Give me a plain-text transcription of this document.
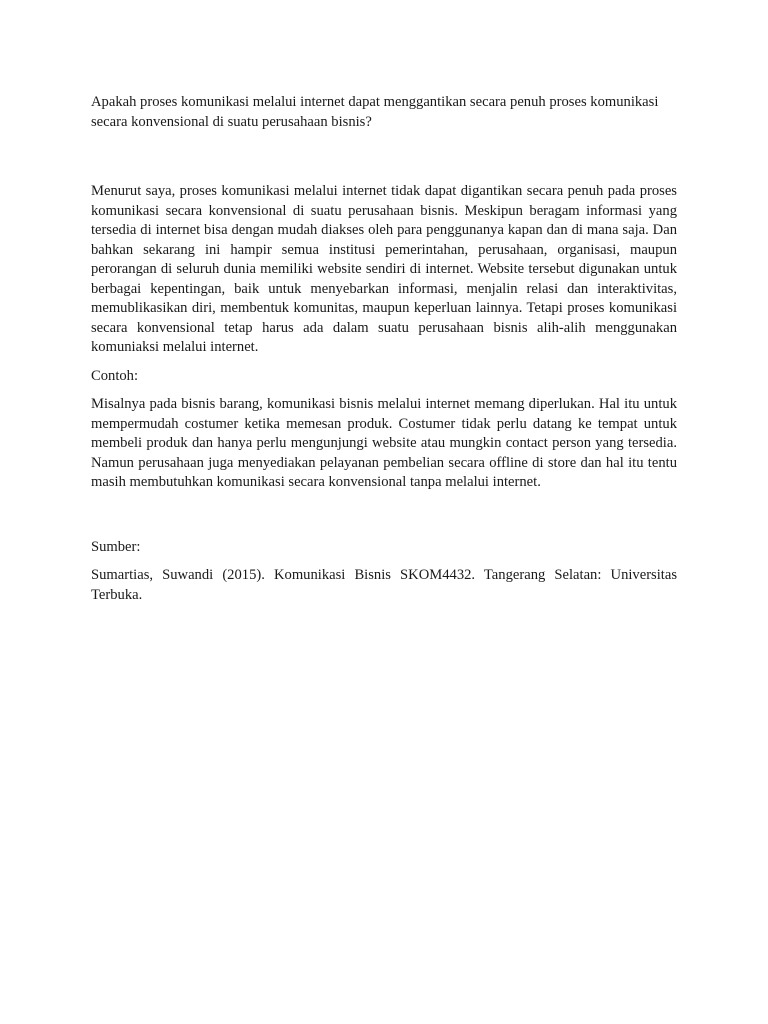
Apakah proses komunikasi melalui internet dapat menggantikan secara penuh proses komunikasi secara konvensional di suatu perusahaan bisnis?

Menurut saya, proses komunikasi melalui internet tidak dapat digantikan secara penuh pada proses komunikasi secara konvensional di suatu perusahaan bisnis. Meskipun beragam informasi yang tersedia di internet bisa dengan mudah diakses oleh para penggunanya kapan dan di mana saja. Dan bahkan sekarang ini hampir semua institusi pemerintahan, perusahaan, organisasi, maupun perorangan di seluruh dunia memiliki website sendiri di internet. Website tersebut digunakan untuk berbagai kepentingan, baik untuk menyebarkan informasi, menjalin relasi dan interaktivitas, memublikasikan diri, membentuk komunitas, maupun keperluan lainnya. Tetapi proses komunikasi secara konvensional tetap harus ada dalam suatu perusahaan bisnis alih-alih menggunakan komuniaksi melalui internet.

Contoh:

Misalnya pada bisnis barang, komunikasi bisnis melalui internet memang diperlukan. Hal itu untuk mempermudah costumer ketika memesan produk. Costumer tidak perlu datang ke tempat untuk membeli produk dan hanya perlu mengunjungi website atau mungkin contact person yang tersedia. Namun perusahaan juga menyediakan pelayanan pembelian secara offline di store dan hal itu tentu masih membutuhkan komunikasi secara konvensional tanpa melalui internet.

Sumber:

Sumartias, Suwandi (2015). Komunikasi Bisnis SKOM4432. Tangerang Selatan: Universitas Terbuka.
